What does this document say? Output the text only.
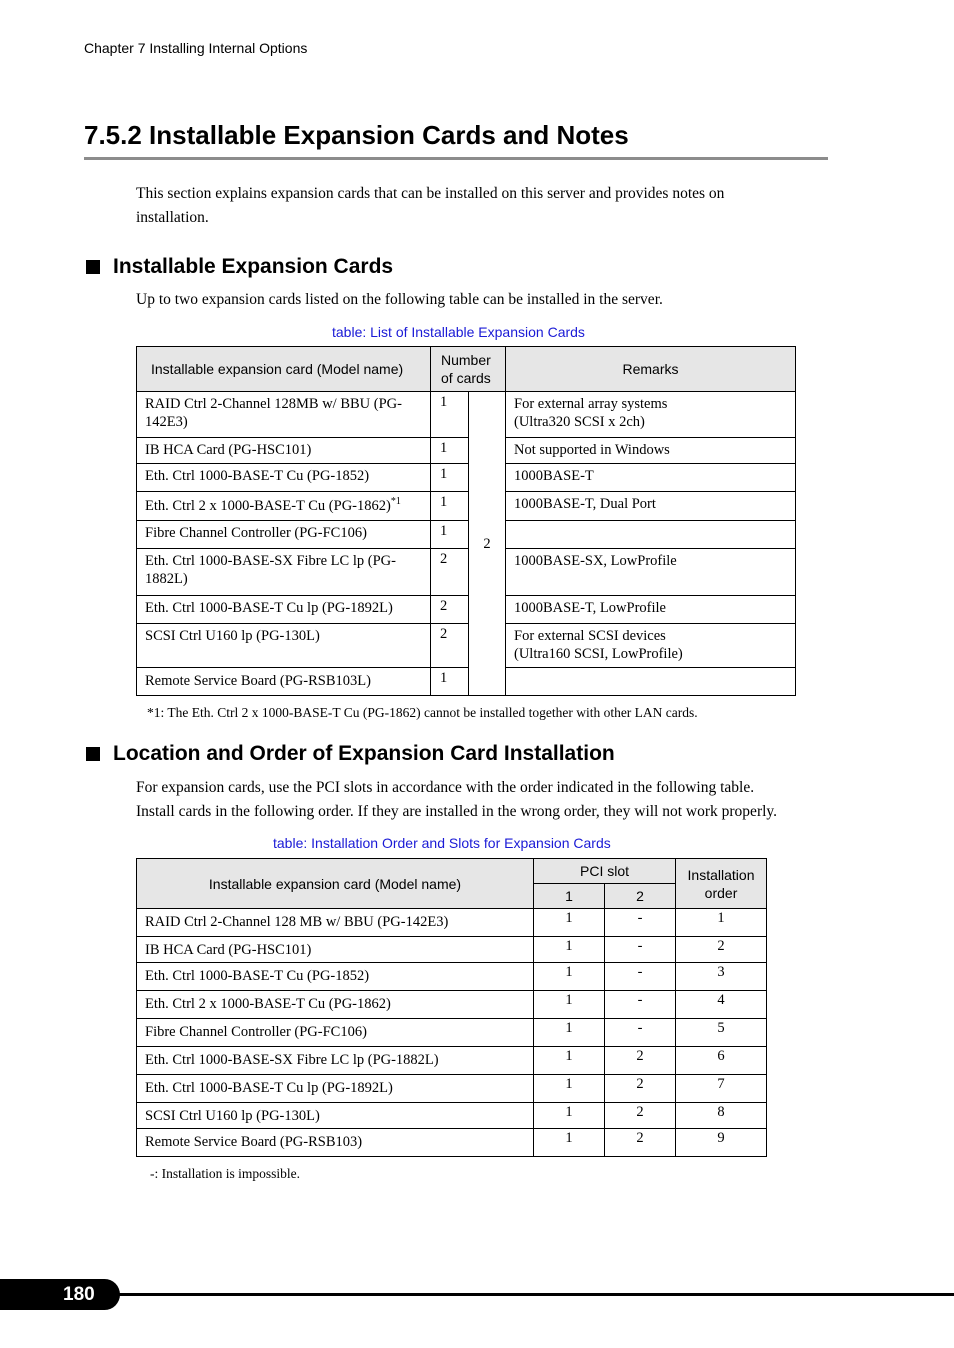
Chapter 7 Installing Internal Options
7.5.2 Installable Expansion Cards and Notes
This section explains expansion cards that can be installed on this server and provides notes on installation.
Installable Expansion Cards
Up to two expansion cards listed on the following table can be installed in the server.
table: List of Installable Expansion Cards
Installable expansion card (Model name)	Number
of cards		Remarks
RAID Ctrl 2-Channel 128MB w/ BBU (PG-142E3)	1	2	For external array systems
(Ultra320 SCSI x 2ch)
IB HCA Card (PG-HSC101)	1		Not supported in Windows
Eth. Ctrl 1000-BASE-T Cu (PG-1852)	1		1000BASE-T
Eth. Ctrl 2 x 1000-BASE-T Cu $(PG-1862)^{*1}$	1		1000BASE-T, Dual Port
Fibre Channel Controller (PG-FC106)	1		
Eth. Ctrl 1000-BASE-SX Fibre LC lp (PG-1882L)	2		1000BASE-SX, LowProfile
Eth. Ctrl 1000-BASE-T Cu lp (PG-1892L)	2		1000BASE-T, LowProfile
SCSI Ctrl U160 lp (PG-130L)	2		For external SCSI devices
(Ultra160 SCSI, LowProfile)
Remote Service Board (PG-RSB103L)	1		
*1: The Eth. Ctrl 2 x 1000-BASE-T Cu (PG-1862) cannot be installed together with other LAN cards.
Location and Order of Expansion Card Installation
For expansion cards, use the PCI slots in accordance with the order indicated in the following table.
Install cards in the following order. If they are installed in the wrong order, they will not work properly.
table: Installation Order and Slots for Expansion Cards
Installable expansion card (Model name)	PCI slot		Installation
order
	1	2	
RAID Ctrl 2-Channel 128 MB w/ BBU (PG-142E3)	1	-	1
IB HCA Card (PG-HSC101)	1	-	2
Eth. Ctrl 1000-BASE-T Cu (PG-1852)	1	-	3
Eth. Ctrl 2 x 1000-BASE-T Cu (PG-1862)	1	-	4
Fibre Channel Controller (PG-FC106)	1	-	5
Eth. Ctrl 1000-BASE-SX Fibre LC lp (PG-1882L)	1	2	6
Eth. Ctrl 1000-BASE-T Cu lp (PG-1892L)	1	2	7
SCSI Ctrl U160 lp (PG-130L)	1	2	8
Remote Service Board (PG-RSB103)	1	2	9
-: Installation is impossible.
180
